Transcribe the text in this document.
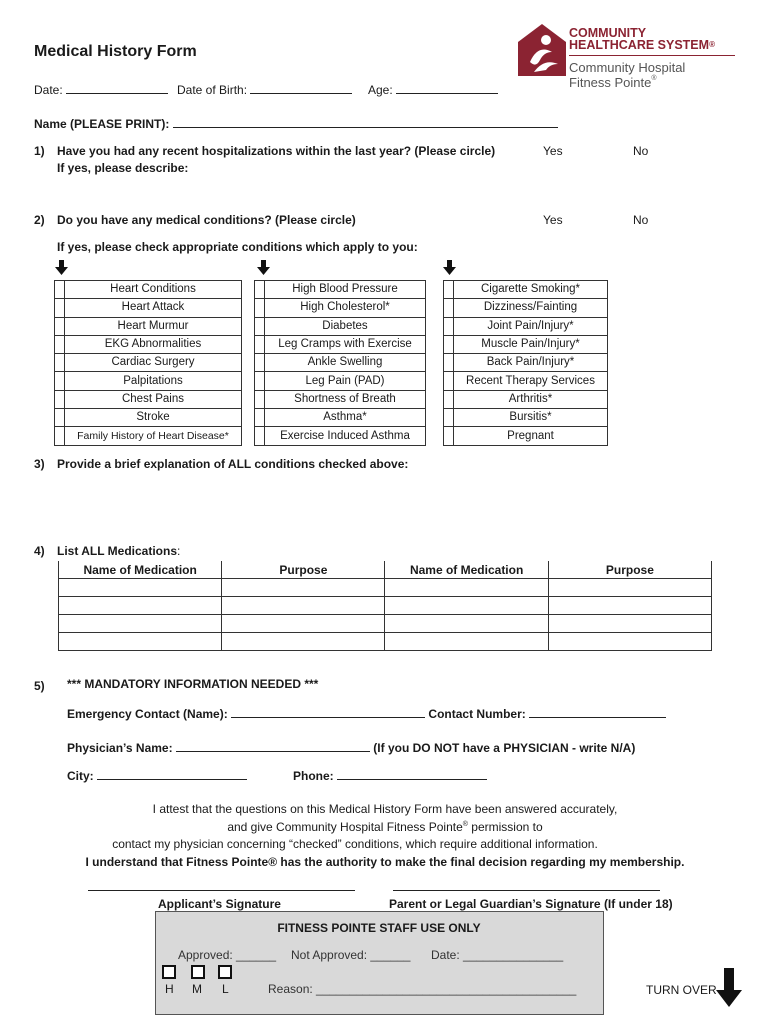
Medical History Form
Date:	Date of Birth:	Age:
Name (PLEASE PRINT):
COMMUNITY
HEALTHCARE SYSTEM®
Community Hospital
Fitness Pointe®
1) Have you had any recent hospitalizations within the last year? (Please circle)
If yes, please describe:
Yes	No
2) Do you have any medical conditions? (Please circle)	Yes	No
If yes, please check appropriate conditions which apply to you:
	Heart Conditions
	Heart Attack
	Heart Murmur
	EKG Abnormalities
	Cardiac Surgery
	Palpitations
	Chest Pains
	Stroke
	Family History of Heart Disease*
	High Blood Pressure
	High Cholesterol*
	Diabetes
	Leg Cramps with Exercise
	Ankle Swelling
	Leg Pain (PAD)
	Shortness of Breath
	Asthma*
	Exercise Induced Asthma
	Cigarette Smoking*
	Dizziness/Fainting
	Joint Pain/Injury*
	Muscle Pain/Injury*
	Back Pain/Injury*
	Recent Therapy Services
	Arthritis*
	Bursitis*
	Pregnant
3) Provide a brief explanation of ALL conditions checked above:
4) List ALL Medications:
Name of Medication	Purpose	Name of Medication	Purpose

5) *** MANDATORY INFORMATION NEEDED ***
Emergency Contact (Name):	Contact Number:
Physician’s Name:	(If you DO NOT have a PHYSICIAN - write N/A)
City:	Phone:
I attest that the questions on this Medical History Form have been answered accurately,
and give Community Hospital Fitness Pointe® permission to
contact my physician concerning “checked” conditions, which require additional information.
I understand that Fitness Pointe® has the authority to make the final decision regarding my membership.
Applicant’s Signature	Parent or Legal Guardian’s Signature (If under 18)
FITNESS POINTE STAFF USE ONLY
Approved: ______ Not Approved: ______ Date: _______________
H M L	Reason: _______________________________________	TURN OVER
